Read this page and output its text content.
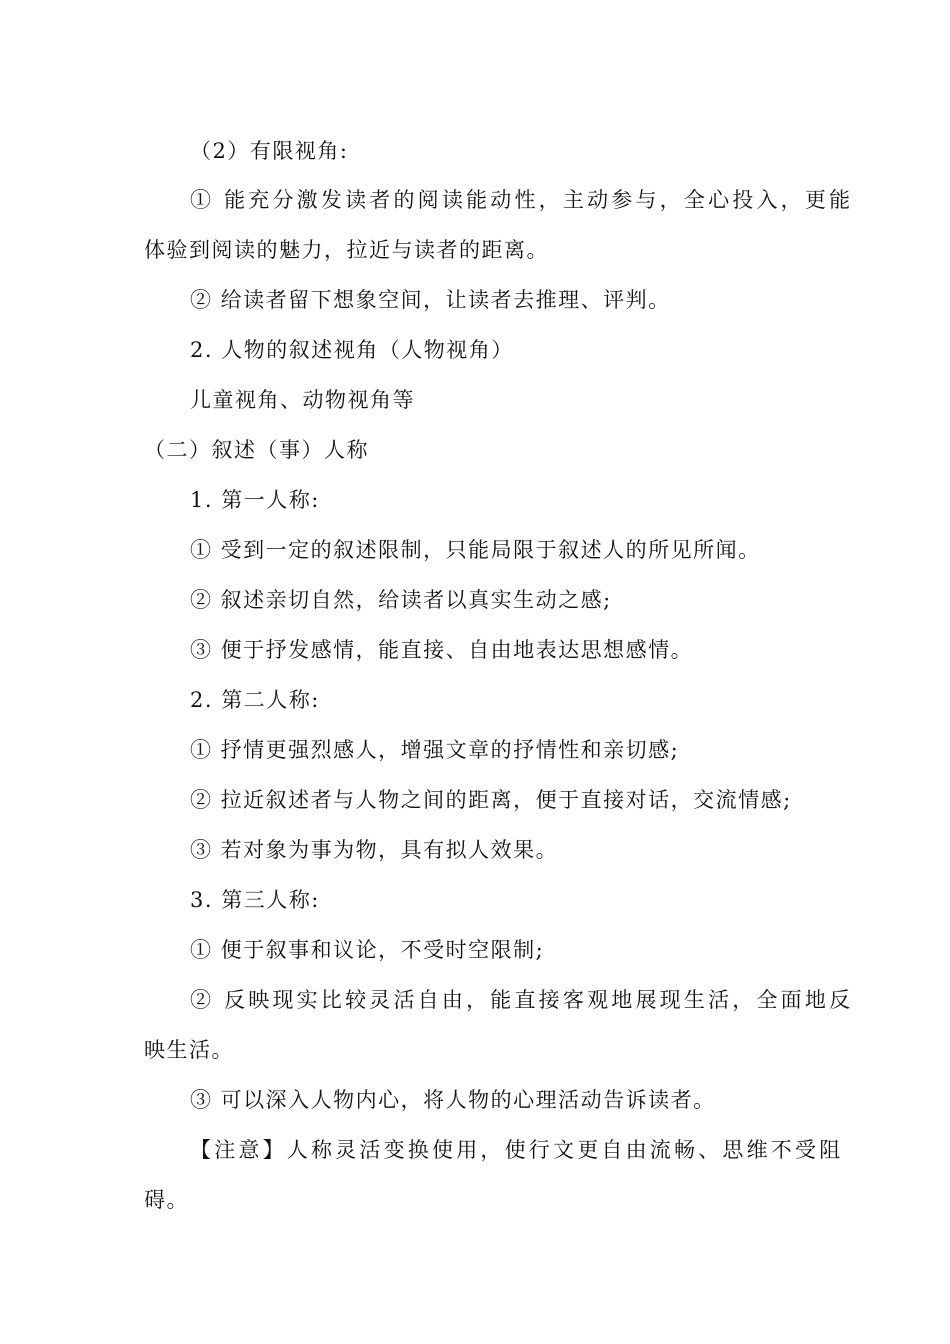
（2）有限视角:
① 能充分激发读者的阅读能动性，主动参与，全心投入，更能
体验到阅读的魅力，拉近与读者的距离。
② 给读者留下想象空间，让读者去推理、评判。
2. 人物的叙述视角（人物视角）
儿童视角、动物视角等
（二）叙述（事）人称
1. 第一人称:
① 受到一定的叙述限制，只能局限于叙述人的所见所闻。
② 叙述亲切自然，给读者以真实生动之感;
③ 便于抒发感情，能直接、自由地表达思想感情。
2. 第二人称:
① 抒情更强烈感人，增强文章的抒情性和亲切感;
② 拉近叙述者与人物之间的距离，便于直接对话，交流情感;
③ 若对象为事为物，具有拟人效果。
3. 第三人称:
① 便于叙事和议论，不受时空限制;
② 反映现实比较灵活自由，能直接客观地展现生活，全面地反
映生活。
③ 可以深入人物内心，将人物的心理活动告诉读者。
【注意】人称灵活变换使用，使行文更自由流畅、思维不受阻
碍。
